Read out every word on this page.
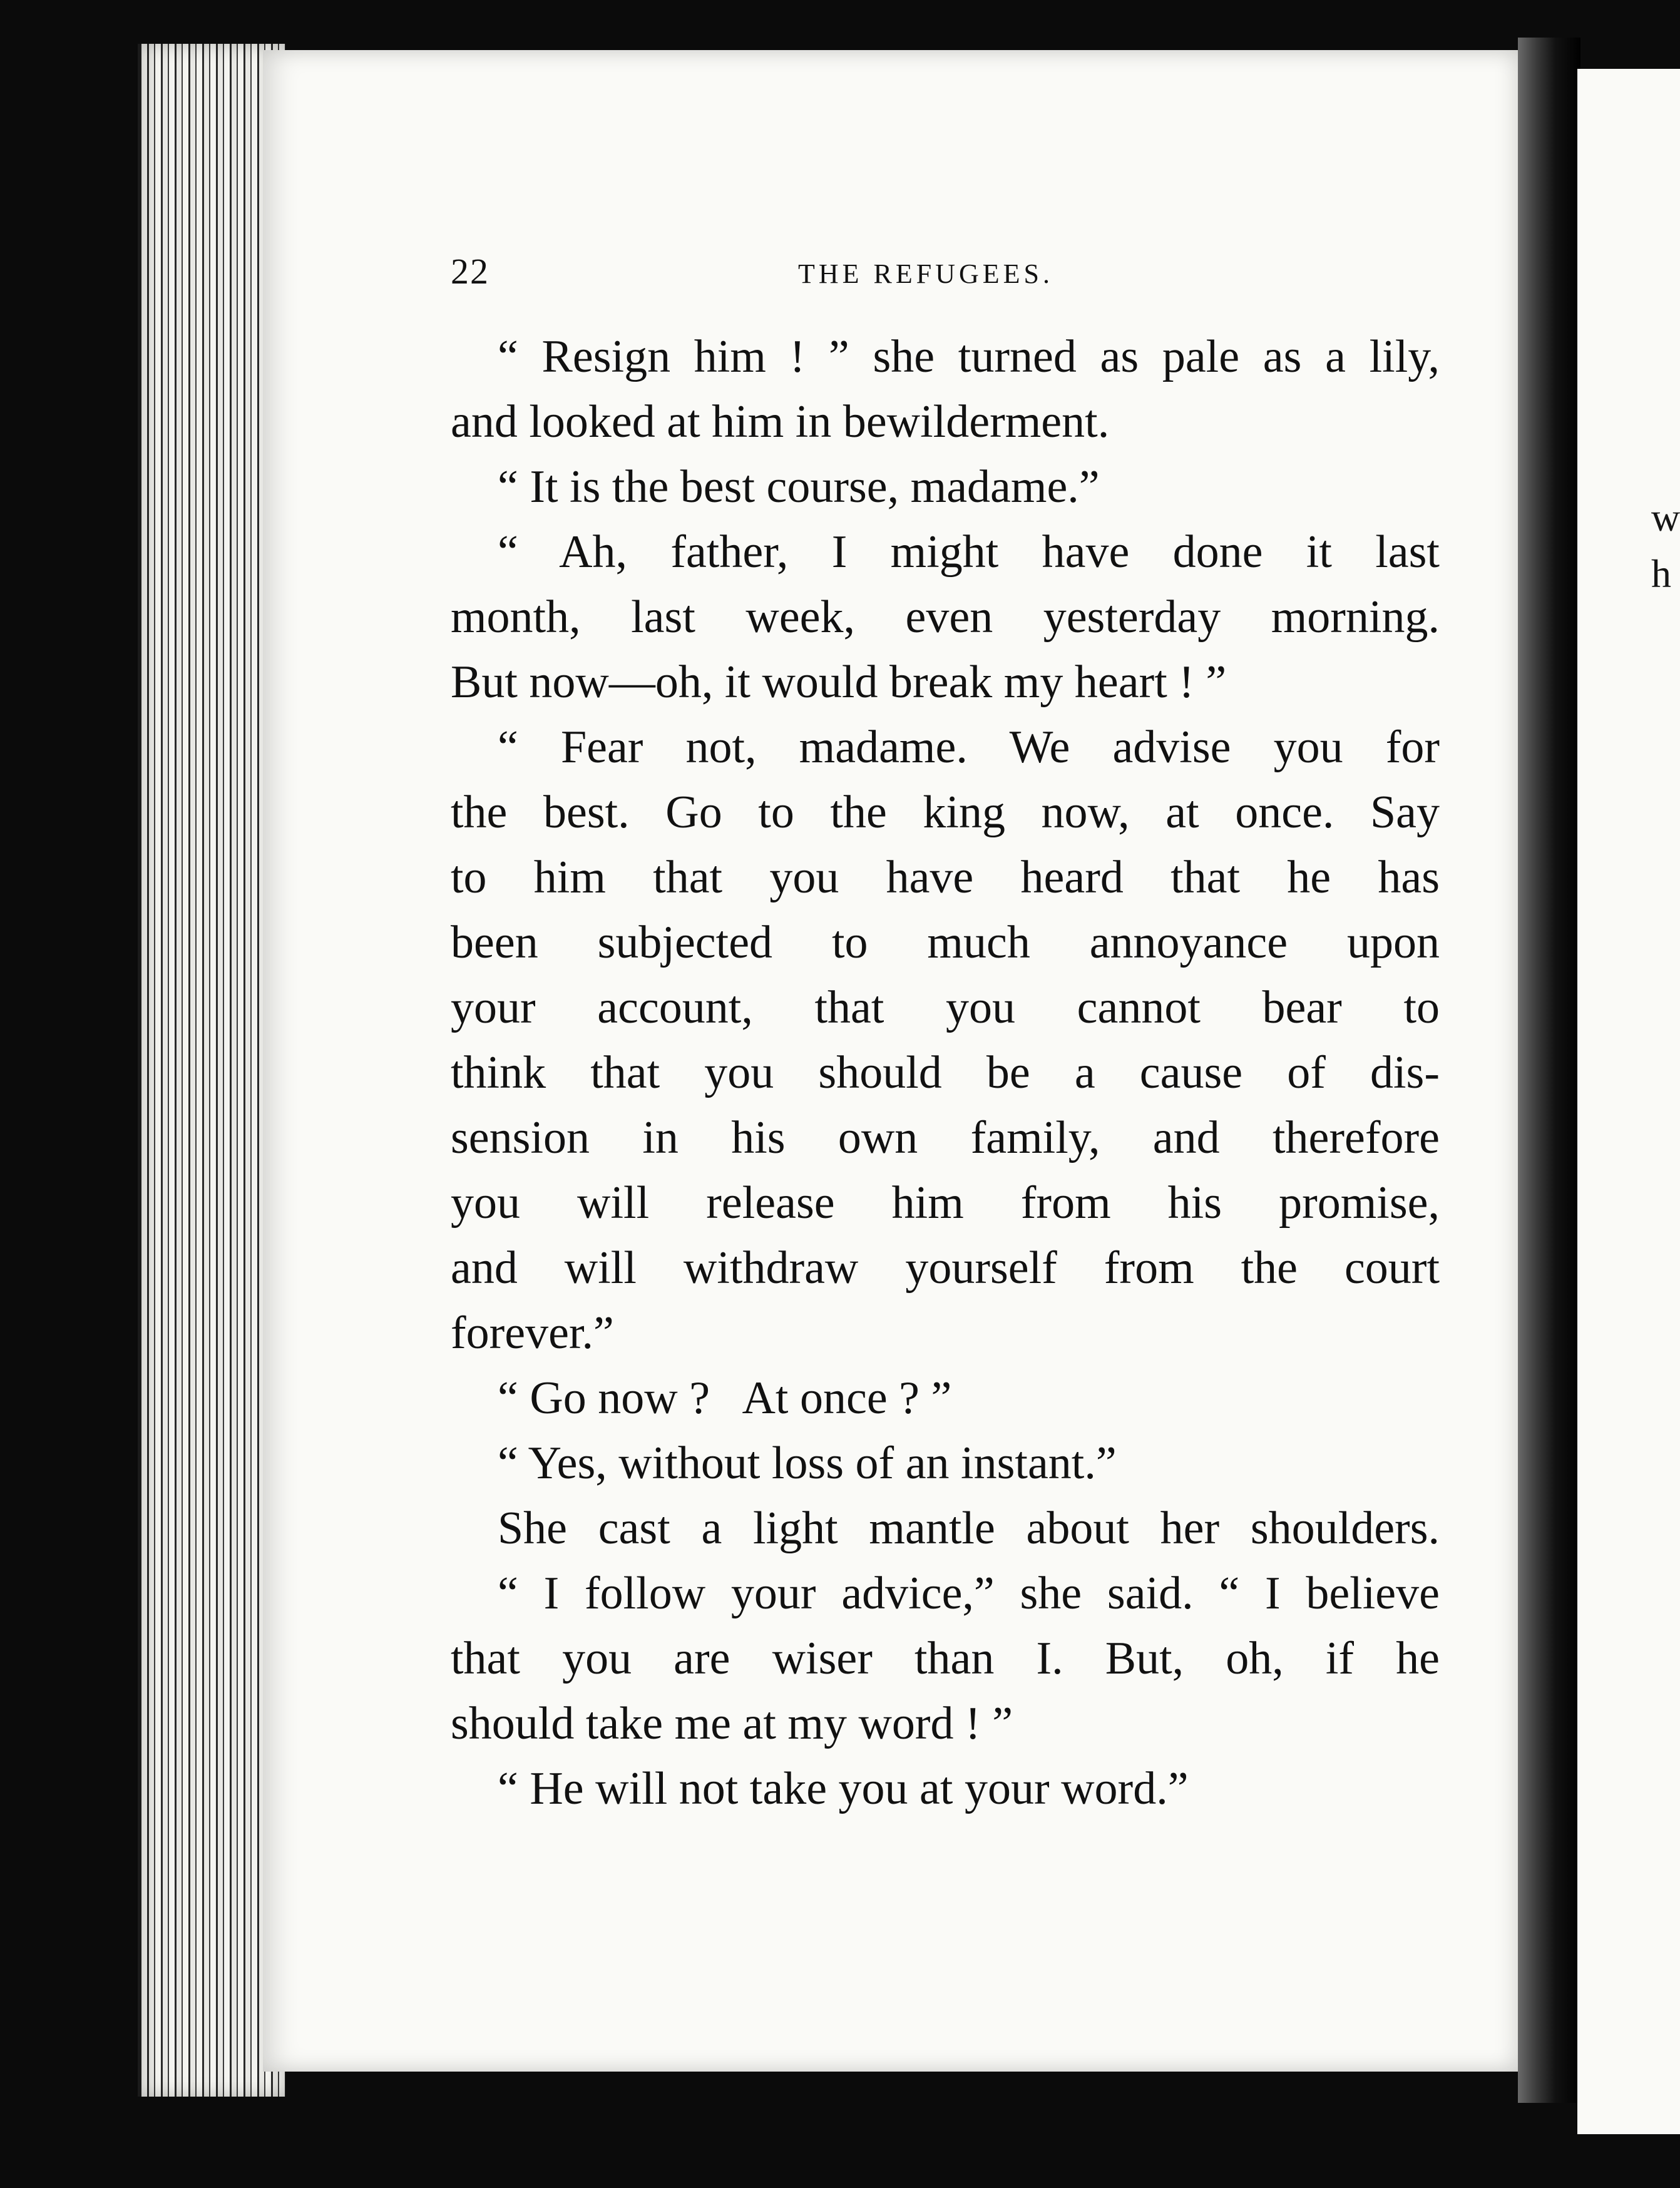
w
h
22	THE REFUGEES.
“ Resign him ! ” she turned as pale as a lily,
and looked at him in bewilderment.
“ It is the best course, madame.”
“ Ah, father, I might have done it last
month, last week, even yesterday morning.
But now—oh, it would break my heart ! ”
“ Fear not, madame. We advise you for
the best. Go to the king now, at once. Say
to him that you have heard that he has
been subjected to much annoyance upon
your account, that you cannot bear to
think that you should be a cause of dis-
sension in his own family, and therefore
you will release him from his promise,
and will withdraw yourself from the court
forever.”
“ Go now ?   At once ? ”
“ Yes, without loss of an instant.”
She cast a light mantle about her shoulders.
“ I follow your advice,” she said. “ I believe
that you are wiser than I. But, oh, if he
should take me at my word ! ”
“ He will not take you at your word.”
